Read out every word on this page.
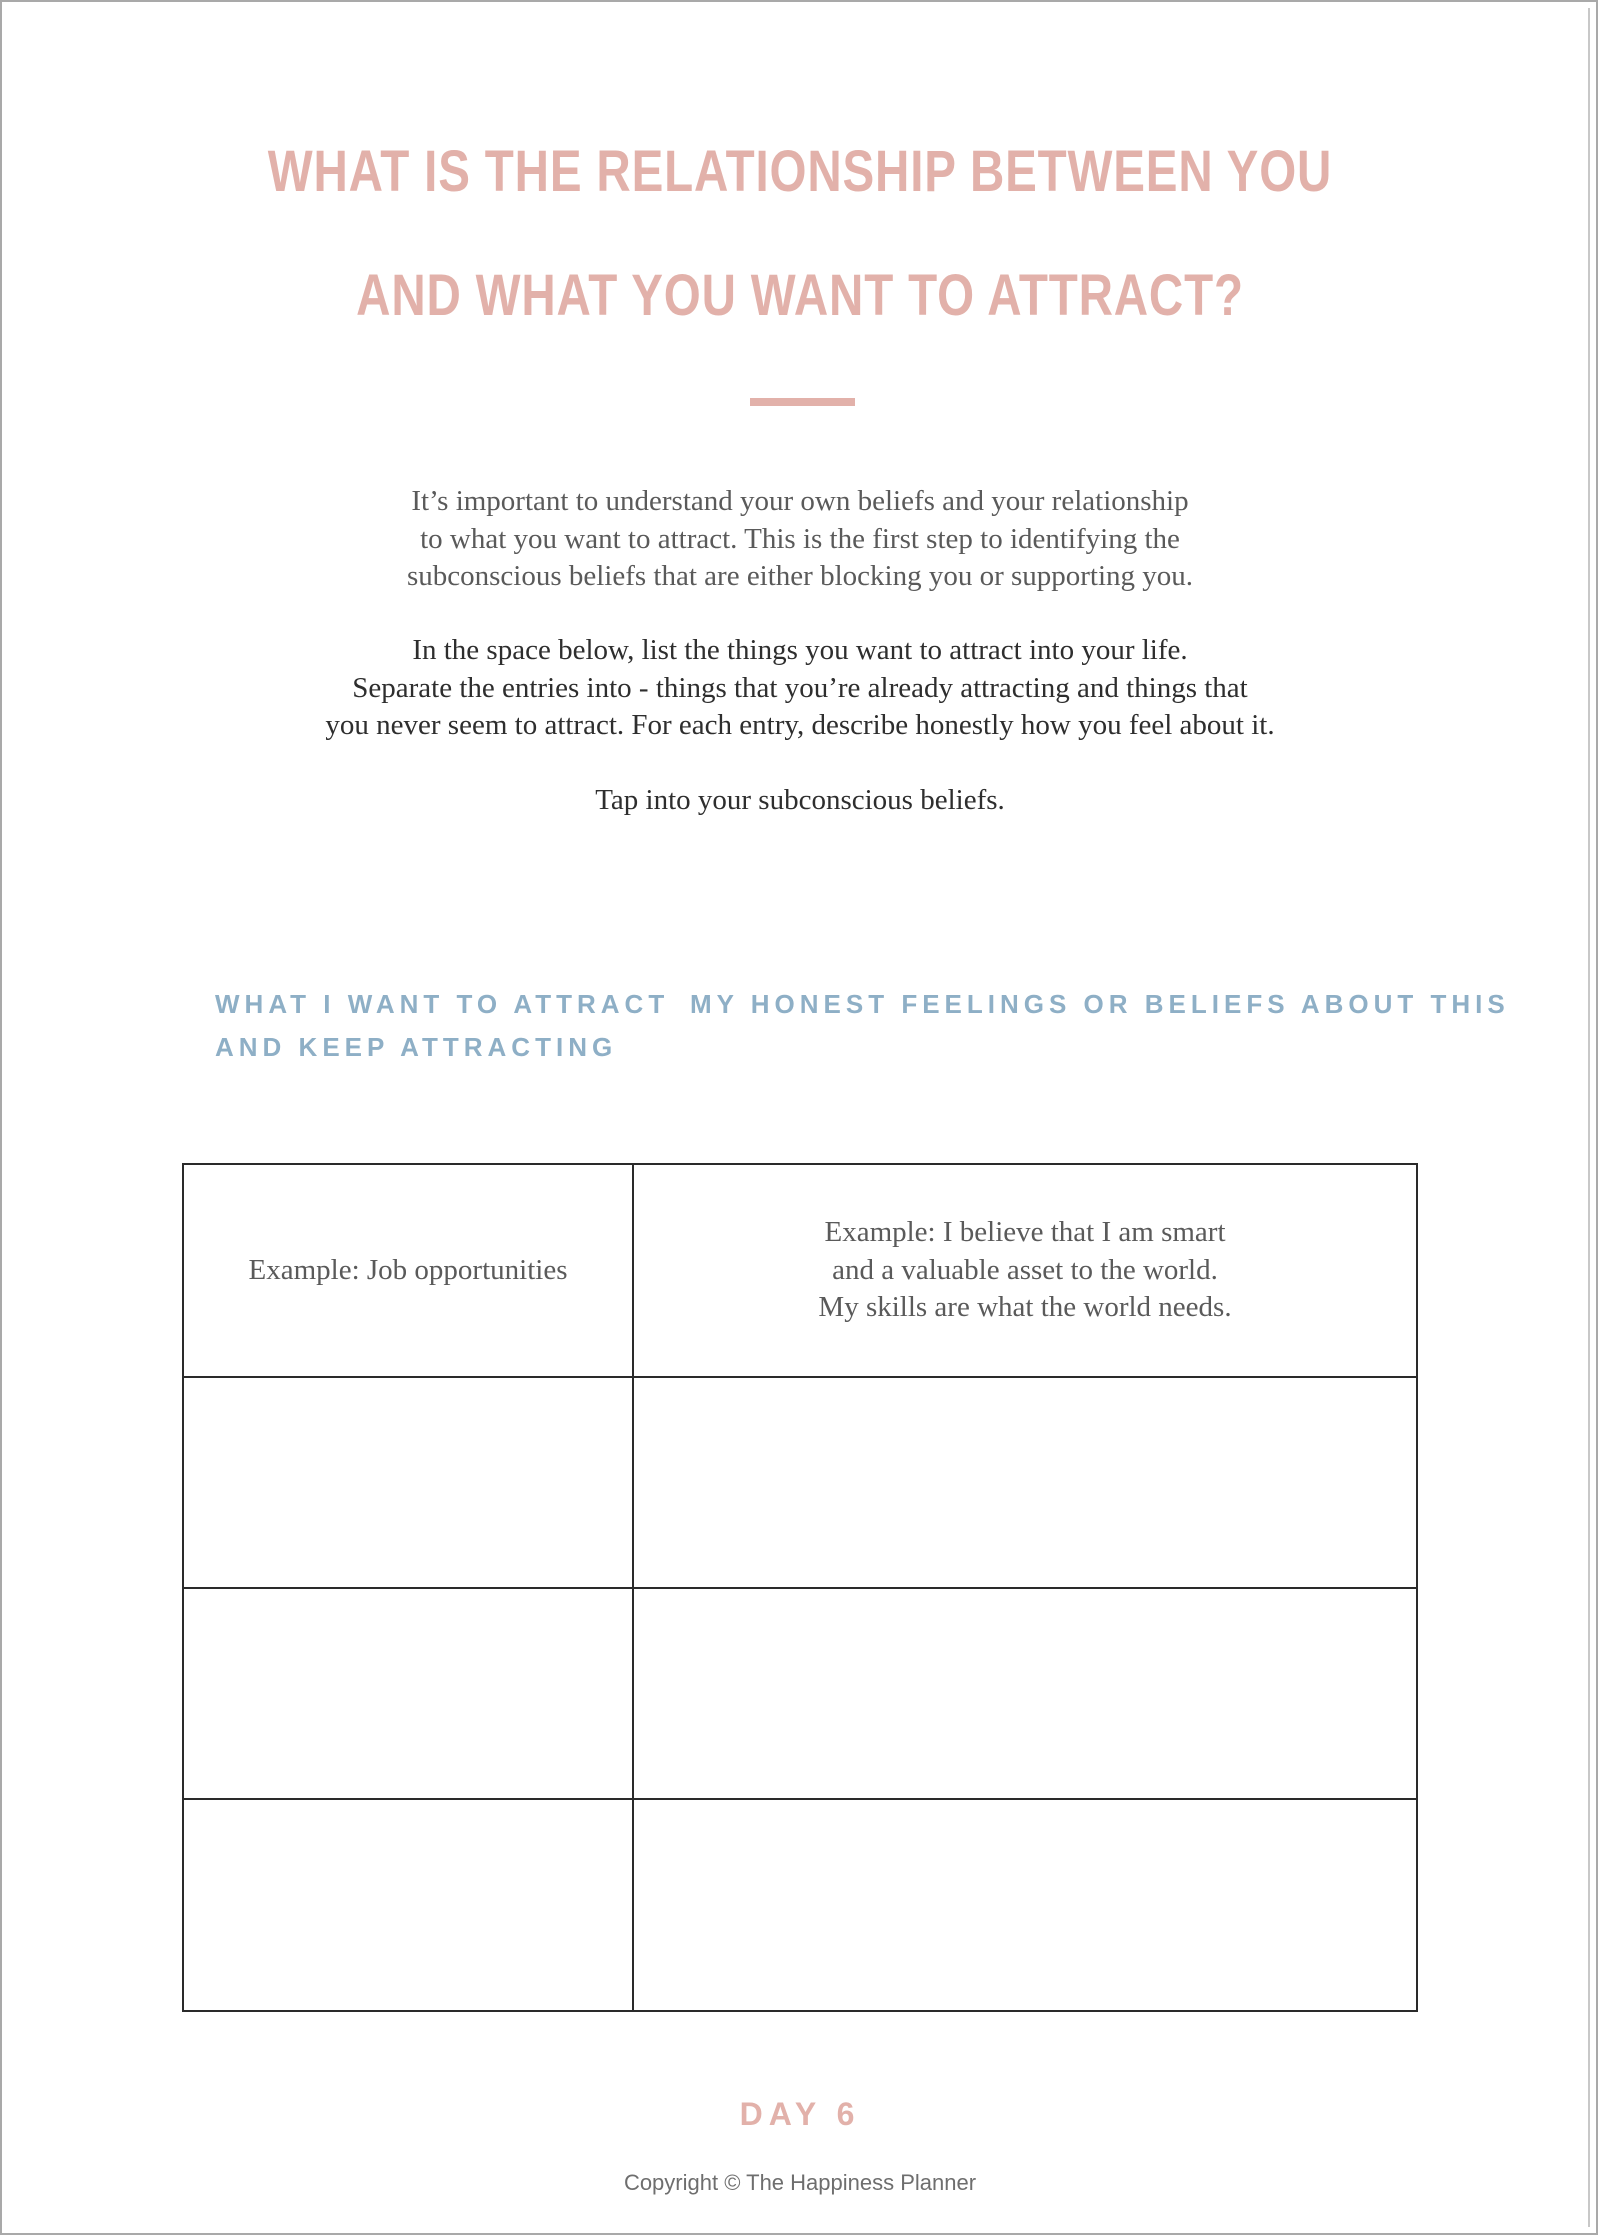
WHAT IS THE RELATIONSHIP BETWEEN YOU
AND WHAT YOU WANT TO ATTRACT?
It’s important to understand your own beliefs and your relationship
to what you want to attract. This is the first step to identifying the
subconscious beliefs that are either blocking you or supporting you.
In the space below, list the things you want to attract into your life.
Separate the entries into - things that you’re already attracting and things that
you never seem to attract. For each entry, describe honestly how you feel about it.
Tap into your subconscious beliefs.
WHAT I WANT TO ATTRACT
AND KEEP ATTRACTING
MY HONEST FEELINGS OR BELIEFS ABOUT THIS
Example: Job opportunities
Example: I believe that I am smart
and a valuable asset to the world.
My skills are what the world needs.
DAY 6
Copyright © The Happiness Planner
